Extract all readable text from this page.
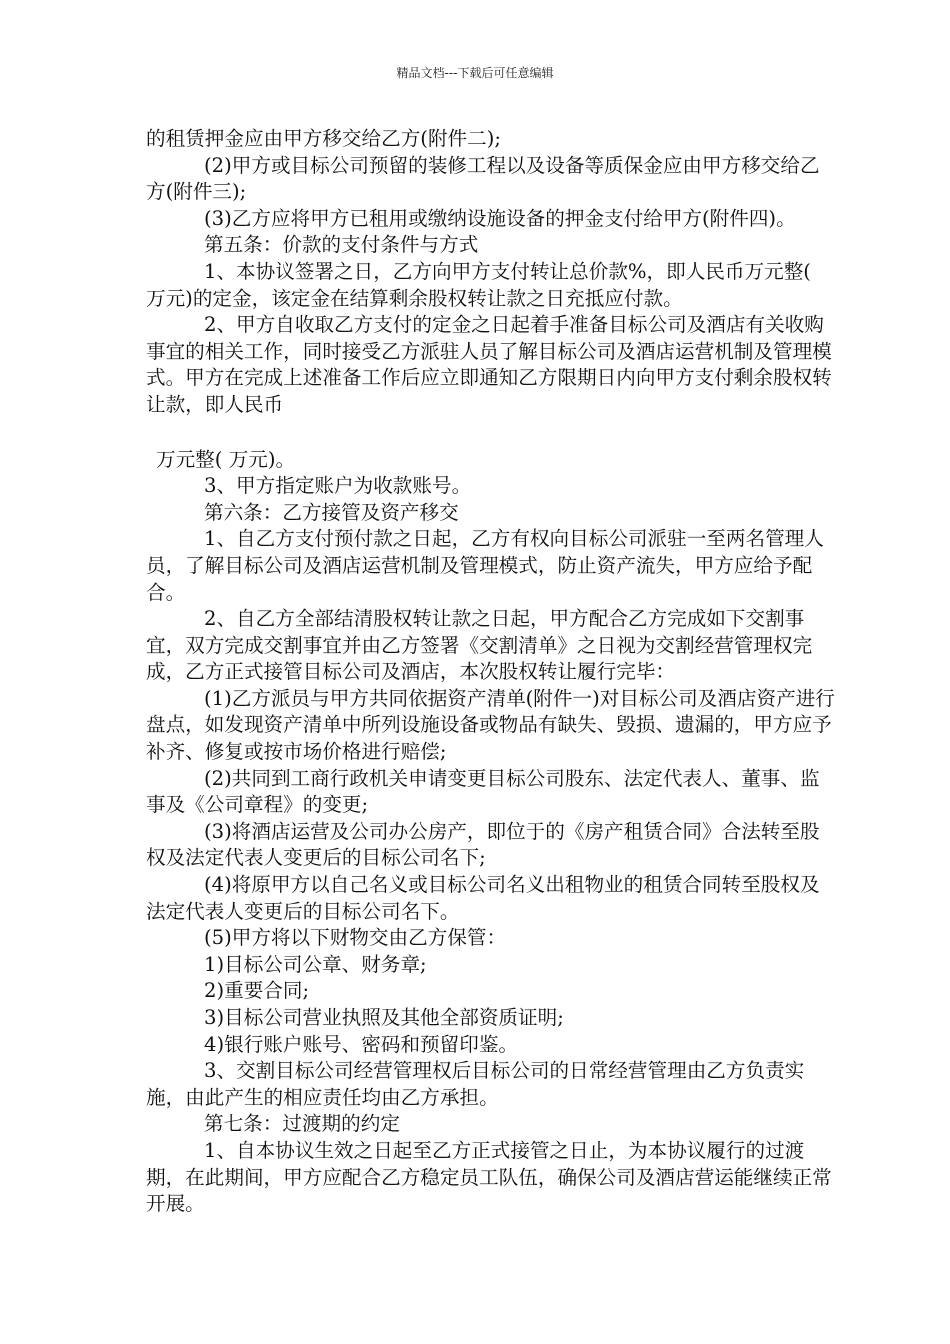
精品文档---下载后可任意编辑

的租赁押金应由甲方移交给乙方(附件二);

(2)甲方或目标公司预留的装修工程以及设备等质保金应由甲方移交给乙方(附件三);

(3)乙方应将甲方已租用或缴纳设施设备的押金支付给甲方(附件四)。

第五条：价款的支付条件与方式

1、本协议签署之日，乙方向甲方支付转让总价款%，即人民币万元整( 万元)的定金，该定金在结算剩余股权转让款之日充抵应付款。

2、甲方自收取乙方支付的定金之日起着手准备目标公司及酒店有关收购事宜的相关工作，同时接受乙方派驻人员了解目标公司及酒店运营机制及管理模式。甲方在完成上述准备工作后应立即通知乙方限期日内向甲方支付剩余股权转让款，即人民币

万元整( 万元)。

3、甲方指定账户为收款账号。

第六条：乙方接管及资产移交

1、自乙方支付预付款之日起，乙方有权向目标公司派驻一至两名管理人员，了解目标公司及酒店运营机制及管理模式，防止资产流失，甲方应给予配合。

2、自乙方全部结清股权转让款之日起，甲方配合乙方完成如下交割事宜，双方完成交割事宜并由乙方签署《交割清单》之日视为交割经营管理权完成，乙方正式接管目标公司及酒店，本次股权转让履行完毕：

(1)乙方派员与甲方共同依据资产清单(附件一)对目标公司及酒店资产进行盘点，如发现资产清单中所列设施设备或物品有缺失、毁损、遗漏的，甲方应予补齐、修复或按市场价格进行赔偿;

(2)共同到工商行政机关申请变更目标公司股东、法定代表人、董事、监事及《公司章程》的变更;

(3)将酒店运营及公司办公房产，即位于的《房产租赁合同》合法转至股权及法定代表人变更后的目标公司名下;

(4)将原甲方以自己名义或目标公司名义出租物业的租赁合同转至股权及法定代表人变更后的目标公司名下。

(5)甲方将以下财物交由乙方保管：

1)目标公司公章、财务章;

2)重要合同;

3)目标公司营业执照及其他全部资质证明;

4)银行账户账号、密码和预留印鉴。

3、交割目标公司经营管理权后目标公司的日常经营管理由乙方负责实施，由此产生的相应责任均由乙方承担。

第七条：过渡期的约定

1、自本协议生效之日起至乙方正式接管之日止，为本协议履行的过渡期，在此期间，甲方应配合乙方稳定员工队伍，确保公司及酒店营运能继续正常开展。
